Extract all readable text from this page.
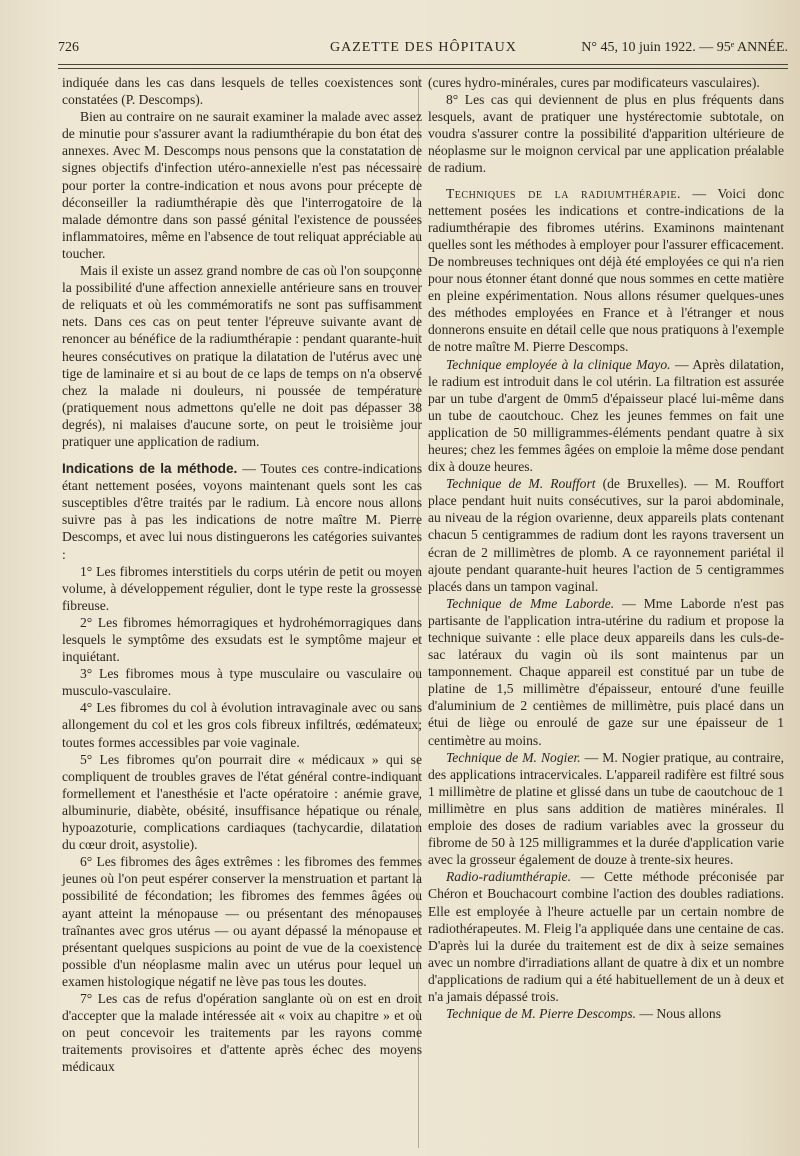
726	GAZETTE DES HÔPITAUX	N° 45, 10 juin 1922. — 95ᵉ ANNÉE.

indiquée dans les cas dans lesquels de telles coexistences sont constatées (P. Descomps).

Bien au contraire on ne saurait examiner la malade avec assez de minutie pour s'assurer avant la radiumthérapie du bon état des annexes. Avec M. Descomps nous pensons que la constatation de signes objectifs d'infection utéro-annexielle n'est pas nécessaire pour porter la contre-indication et nous avons pour précepte de déconseiller la radiumthérapie dès que l'interrogatoire de la malade démontre dans son passé génital l'existence de poussées inflammatoires, même en l'absence de tout reliquat appréciable au toucher.

Mais il existe un assez grand nombre de cas où l'on soupçonne la possibilité d'une affection annexielle antérieure sans en trouver de reliquats et où les commémoratifs ne sont pas suffisamment nets. Dans ces cas on peut tenter l'épreuve suivante avant de renoncer au bénéfice de la radiumthérapie : pendant quarante-huit heures consécutives on pratique la dilatation de l'utérus avec une tige de laminaire et si au bout de ce laps de temps on n'a observé chez la malade ni douleurs, ni poussée de température (pratiquement nous admettons qu'elle ne doit pas dépasser 38 degrés), ni malaises d'aucune sorte, on peut le troisième jour pratiquer une application de radium.

Indications de la méthode. — Toutes ces contre-indications étant nettement posées, voyons maintenant quels sont les cas susceptibles d'être traités par le radium. Là encore nous allons suivre pas à pas les indications de notre maître M. Pierre Descomps, et avec lui nous distinguerons les catégories suivantes :

1° Les fibromes interstitiels du corps utérin de petit ou moyen volume, à développement régulier, dont le type reste la grossesse fibreuse.

2° Les fibromes hémorragiques et hydrohémorragiques dans lesquels le symptôme des exsudats est le symptôme majeur et inquiétant.

3° Les fibromes mous à type musculaire ou vasculaire ou musculo-vasculaire.

4° Les fibromes du col à évolution intravaginale avec ou sans allongement du col et les gros cols fibreux infiltrés, œdémateux; toutes formes accessibles par voie vaginale.

5° Les fibromes qu'on pourrait dire « médicaux » qui se compliquent de troubles graves de l'état général contre-indiquant formellement et l'anesthésie et l'acte opératoire : anémie grave, albuminurie, diabète, obésité, insuffisance hépatique ou rénale, hypoazoturie, complications cardiaques (tachycardie, dilatation du cœur droit, asystolie).

6° Les fibromes des âges extrêmes : les fibromes des femmes jeunes où l'on peut espérer conserver la menstruation et partant la possibilité de fécondation; les fibromes des femmes âgées ou ayant atteint la ménopause — ou présentant des ménopauses traînantes avec gros utérus — ou ayant dépassé la ménopause et présentant quelques suspicions au point de vue de la coexistence possible d'un néoplasme malin avec un utérus pour lequel un examen histologique négatif ne lève pas tous les doutes.

7° Les cas de refus d'opération sanglante où on est en droit d'accepter que la malade intéressée ait « voix au chapitre » et où on peut concevoir les traitements par les rayons comme traitements provisoires et d'attente après échec des moyens médicaux

(cures hydro-minérales, cures par modificateurs vasculaires).

8° Les cas qui deviennent de plus en plus fréquents dans lesquels, avant de pratiquer une hystérectomie subtotale, on voudra s'assurer contre la possibilité d'apparition ultérieure de néoplasme sur le moignon cervical par une application préalable de radium.

Techniques de la radiumthérapie. — Voici donc nettement posées les indications et contre-indications de la radiumthérapie des fibromes utérins. Examinons maintenant quelles sont les méthodes à employer pour l'assurer efficacement. De nombreuses techniques ont déjà été employées ce qui n'a rien pour nous étonner étant donné que nous sommes en cette matière en pleine expérimentation. Nous allons résumer quelques-unes des méthodes employées en France et à l'étranger et nous donnerons ensuite en détail celle que nous pratiquons à l'exemple de notre maître M. Pierre Descomps.

Technique employée à la clinique Mayo. — Après dilatation, le radium est introduit dans le col utérin. La filtration est assurée par un tube d'argent de 0mm5 d'épaisseur placé lui-même dans un tube de caoutchouc. Chez les jeunes femmes on fait une application de 50 milligrammes-éléments pendant quatre à six heures; chez les femmes âgées on emploie la même dose pendant dix à douze heures.

Technique de M. Rouffort (de Bruxelles). — M. Rouffort place pendant huit nuits consécutives, sur la paroi abdominale, au niveau de la région ovarienne, deux appareils plats contenant chacun 5 centigrammes de radium dont les rayons traversent un écran de 2 millimètres de plomb. A ce rayonnement pariétal il ajoute pendant quarante-huit heures l'action de 5 centigrammes placés dans un tampon vaginal.

Technique de Mme Laborde. — Mme Laborde n'est pas partisante de l'application intra-utérine du radium et propose la technique suivante : elle place deux appareils dans les culs-de-sac latéraux du vagin où ils sont maintenus par un tamponnement. Chaque appareil est constitué par un tube de platine de 1,5 millimètre d'épaisseur, entouré d'une feuille d'aluminium de 2 centièmes de millimètre, puis placé dans un étui de liège ou enroulé de gaze sur une épaisseur de 1 centimètre au moins.

Technique de M. Nogier. — M. Nogier pratique, au contraire, des applications intracervicales. L'appareil radifère est filtré sous 1 millimètre de platine et glissé dans un tube de caoutchouc de 1 millimètre en plus sans addition de matières minérales. Il emploie des doses de radium variables avec la grosseur du fibrome de 50 à 125 milligrammes et la durée d'application varie avec la grosseur également de douze à trente-six heures.

Radio-radiumthérapie. — Cette méthode préconisée par Chéron et Bouchacourt combine l'action des doubles radiations. Elle est employée à l'heure actuelle par un certain nombre de radiothérapeutes. M. Fleig l'a appliquée dans une centaine de cas. D'après lui la durée du traitement est de dix à seize semaines avec un nombre d'irradiations allant de quatre à dix et un nombre d'applications de radium qui a été habituellement de un à deux et n'a jamais dépassé trois.

Technique de M. Pierre Descomps. — Nous allons
